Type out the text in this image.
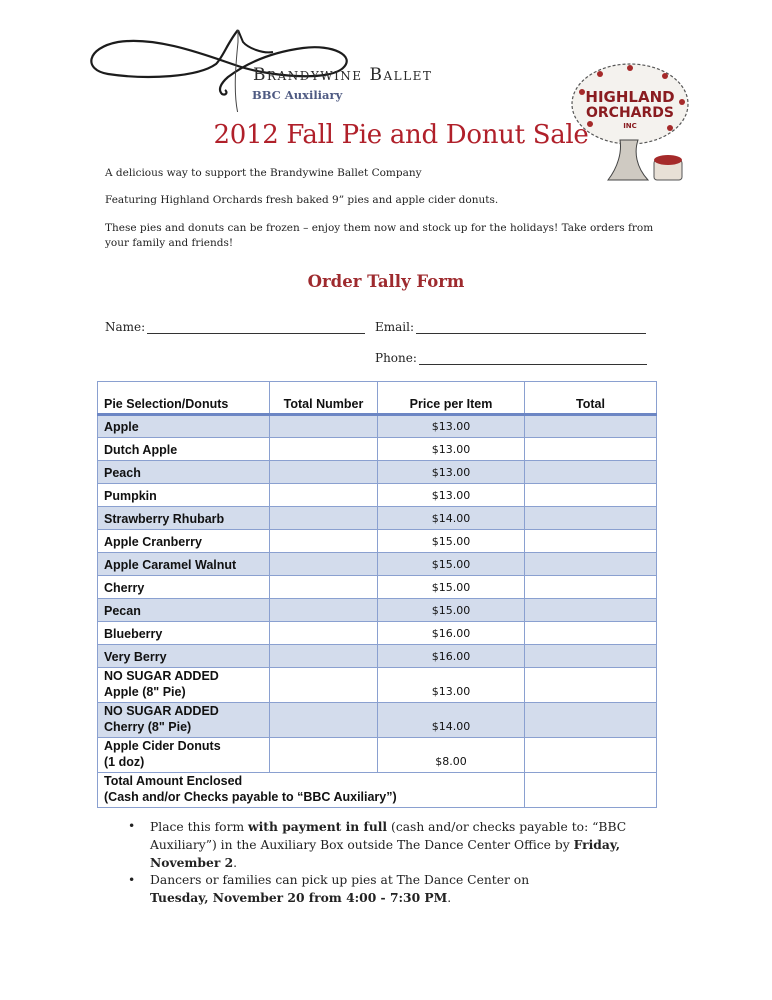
Brandywine Ballet
BBC Auxiliary	HIGHLAND
ORCHARDS
INC
2012 Fall Pie and Donut Sale
A delicious way to support the Brandywine Ballet Company
Featuring Highland Orchards fresh baked 9” pies and apple cider donuts.
These pies and donuts can be frozen – enjoy them now and stock up for the holidays! Take orders from your family and friends!
Order Tally Form
Name:	Email:
Phone:
Pie Selection/Donuts	Total Number	Price per Item	Total
Apple		$13.00	
Dutch Apple		$13.00	
Peach		$13.00	
Pumpkin		$13.00	
Strawberry Rhubarb		$14.00	
Apple Cranberry		$15.00	
Apple Caramel Walnut		$15.00	
Cherry		$15.00	
Pecan		$15.00	
Blueberry		$16.00	
Very Berry		$16.00	

NO SUGAR ADDED
Apple (8" Pie)		$13.00	

NO SUGAR ADDED
Cherry (8" Pie)		$14.00	

Apple Cider Donuts
(1 doz)		$8.00	

Total Amount Enclosed
(Cash and/or Checks payable to “BBC Auxiliary”)			

• Place this form with payment in full (cash and/or checks payable to: “BBC Auxiliary”) in the Auxiliary Box outside The Dance Center Office by Friday, November 2.
• Dancers or families can pick up pies at The Dance Center on
Tuesday, November 20 from 4:00 - 7:30 PM.
